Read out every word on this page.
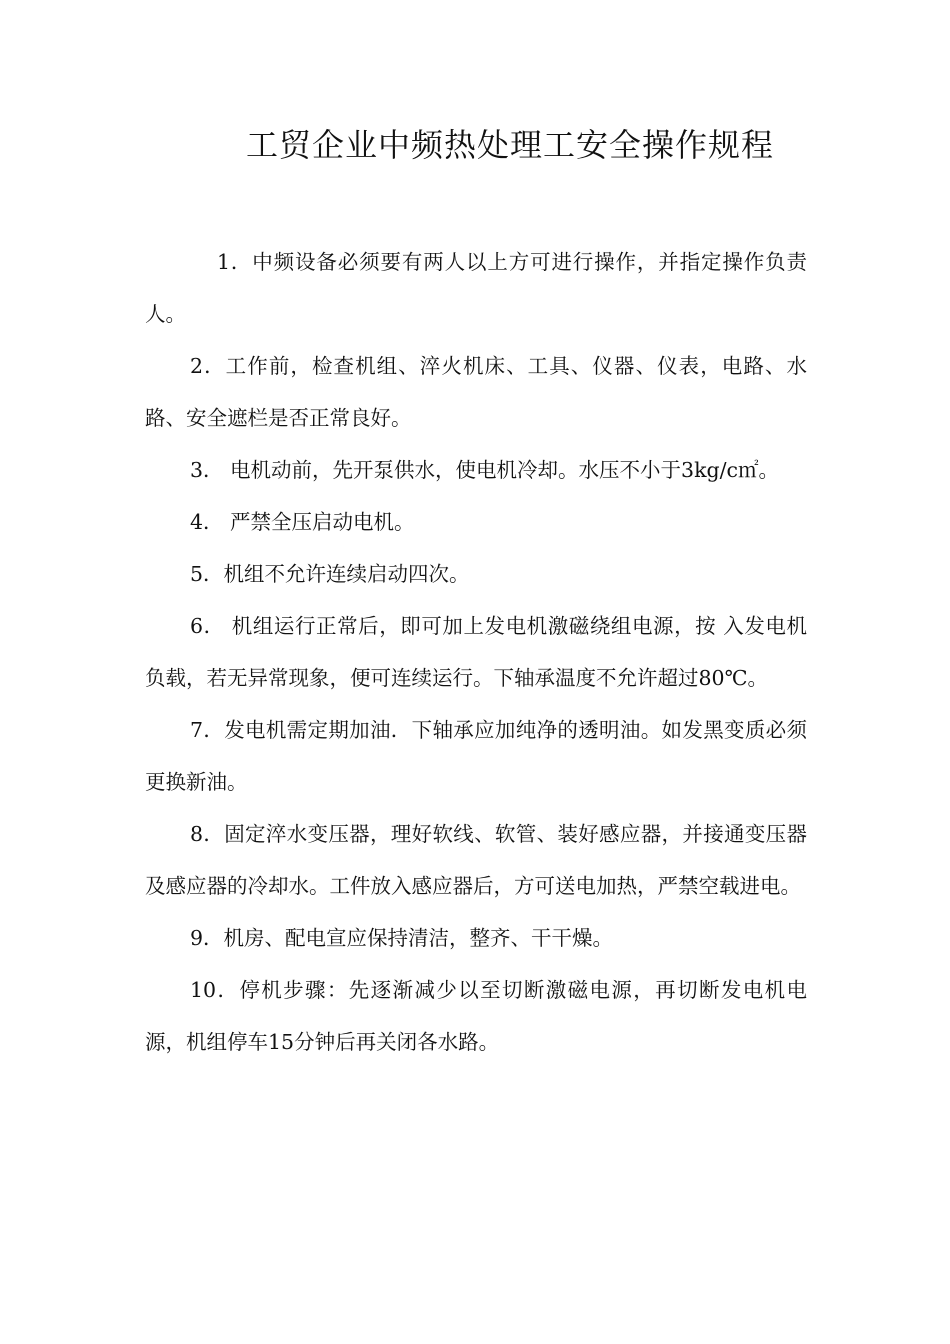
工贸企业中频热处理工安全操作规程

1．中频设备必须要有两人以上方可进行操作，并指定操作负责人。

2．工作前，检查机组、淬火机床、工具、仪器、仪表，电路、水路、安全遮栏是否正常良好。

3． 电机动前，先开泵供水，使电机冷却。水压不小于3kg/c㎡。

4． 严禁全压启动电机。

5．机组不允许连续启动四次。

6． 机组运行正常后，即可加上发电机激磁绕组电源，按 入发电机负载，若无异常现象，便可连续运行。下轴承温度不允许超过80℃。

7．发电机需定期加油．下轴承应加纯净的透明油。如发黑变质必须更换新油。

8．固定淬水变压器，理好软线、软管、装好感应器，并接通变压器及感应器的冷却水。工件放入感应器后，方可送电加热，严禁空载进电。

9．机房、配电宣应保持清洁，整齐、干干燥。

10．停机步骤：先逐渐减少以至切断激磁电源，再切断发电机电源，机组停车15分钟后再关闭各水路。
